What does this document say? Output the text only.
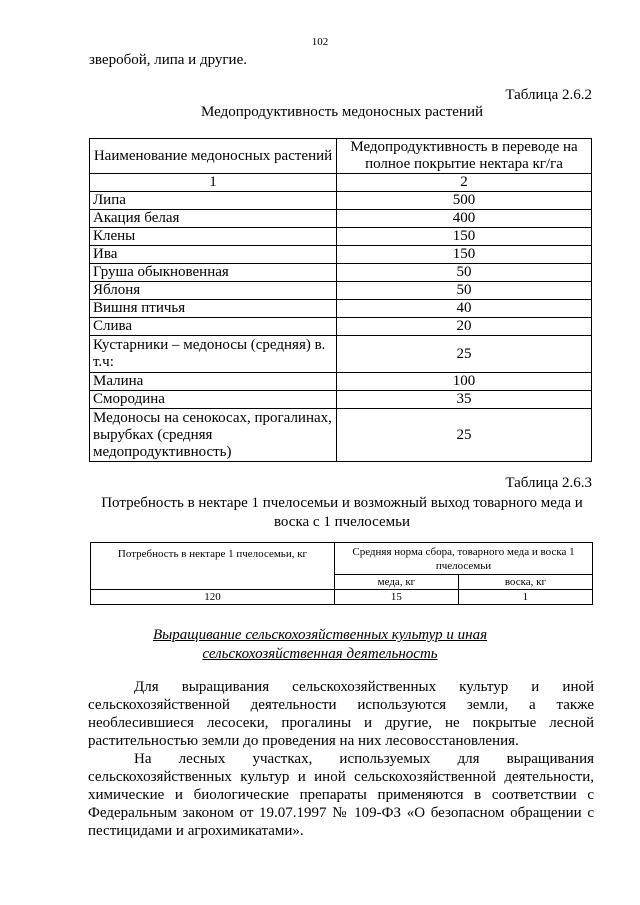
102
зверобой, липа и другие.
Таблица 2.6.2
Медопродуктивность медоносных растений
Наименование медоносных растений	Медопродуктивность в переводе на полное покрытие нектара кг/га
1	2
Липа	500
Акация белая	400
Клены	150
Ива	150
Груша обыкновенная	50
Яблоня	50
Вишня птичья	40
Слива	20
Кустарники – медоносы (средняя) в. т.ч:	25
Малина	100
Смородина	35
Медоносы на сенокосах, прогалинах, вырубках (средняя медопродуктивность)	25
Таблица 2.6.3
Потребность в нектаре 1 пчелосемьи и возможный выход товарного меда и воска с 1 пчелосемьи
Потребность в нектаре 1 пчелосемьи, кг	Средняя норма сбора, товарного меда и воска 1 пчелосемьи	
	меда, кг	воска, кг
120	15	1
Выращивание сельскохозяйственных культур и иная
сельскохозяйственная деятельность

Для выращивания сельскохозяйственных культур и иной сельскохозяйственной деятельности используются земли, а также необлесившиеся лесосеки, прогалины и другие, не покрытые лесной растительностью земли до проведения на них лесовосстановления.

На лесных участках, используемых для выращивания сельскохозяйственных культур и иной сельскохозяйственной деятельности, химические и биологические препараты применяются в соответствии с Федеральным законом от 19.07.1997 № 109-ФЗ «О безопасном обращении с пестицидами и агрохимикатами».
